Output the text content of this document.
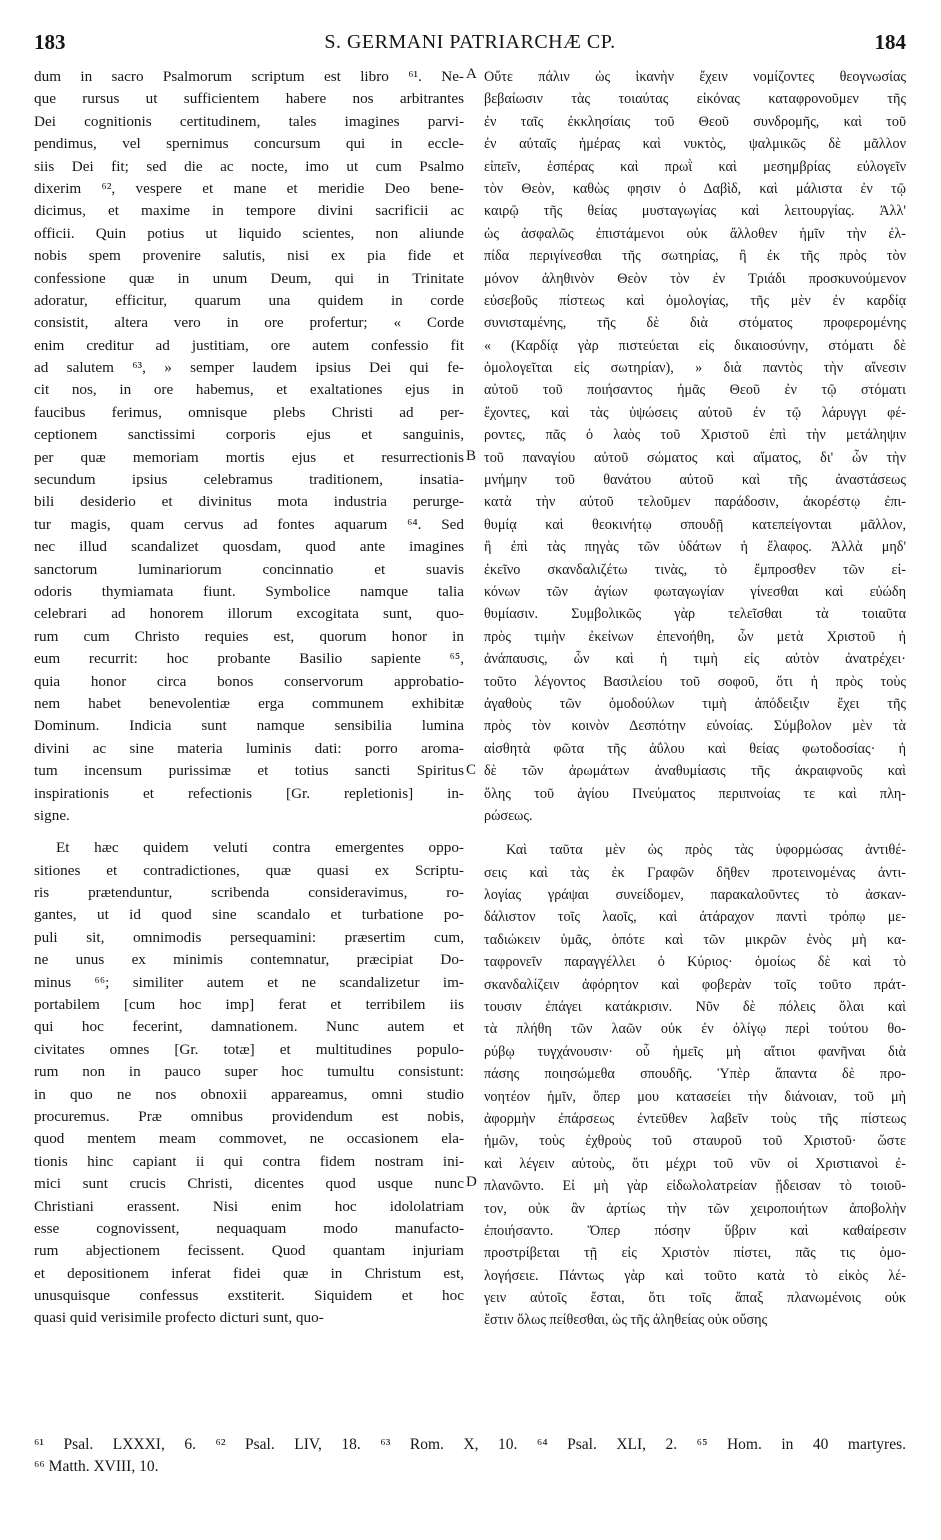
183	S. GERMANI PATRIARCHÆ CP.	184
dum in sacro Psalmorum scriptum est libro ⁶¹. Ne-
que rursus ut sufficientem habere nos arbitrantes
Dei cognitionis certitudinem, tales imagines parvi-
pendimus, vel spernimus concursum qui in eccle-
siis Dei fit; sed die ac nocte, imo ut cum Psalmo
dixerim ⁶², vespere et mane et meridie Deo bene-
dicimus, et maxime in tempore divini sacrificii ac
officii. Quin potius ut liquido scientes, non aliunde
nobis spem provenire salutis, nisi ex pia fide et
confessione quæ in unum Deum, qui in Trinitate
adoratur, efficitur, quarum una quidem in corde
consistit, altera vero in ore profertur; « Corde
enim creditur ad justitiam, ore autem confessio fit
ad salutem ⁶³, » semper laudem ipsius Dei qui fe-
cit nos, in ore habemus, et exaltationes ejus in
faucibus ferimus, omnisque plebs Christi ad per-
ceptionem sanctissimi corporis ejus et sanguinis,
per quæ memoriam mortis ejus et resurrectionis
secundum ipsius celebramus traditionem, insatia-
bili desiderio et divinitus mota industria perurge-
tur magis, quam cervus ad fontes aquarum ⁶⁴. Sed
nec illud scandalizet quosdam, quod ante imagines
sanctorum luminariorum concinnatio et suavis
odoris thymiamata fiunt. Symbolice namque talia
celebrari ad honorem illorum excogitata sunt, quo-
rum cum Christo requies est, quorum honor in
eum recurrit: hoc probante Basilio sapiente ⁶⁵,
quia honor circa bonos conservorum approbatio-
nem habet benevolentiæ erga communem exhibitæ
Dominum. Indicia sunt namque sensibilia lumina
divini ac sine materia luminis dati: porro aroma-
tum incensum purissimæ et totius sancti Spiritus
inspirationis et refectionis [Gr. repletionis] in-
signe.
Et hæc quidem veluti contra emergentes oppo-
sitiones et contradictiones, quæ quasi ex Scriptu-
ris prætenduntur, scribenda consideravimus, ro-
gantes, ut id quod sine scandalo et turbatione po-
puli sit, omnimodis persequamini: præsertim cum,
ne unus ex minimis contemnatur, præcipiat Do-
minus ⁶⁶; similiter autem et ne scandalizetur im-
portabilem [cum hoc imp] ferat et terribilem iis
qui hoc fecerint, damnationem. Nunc autem et
civitates omnes [Gr. totæ] et multitudines populo-
rum non in pauco super hoc tumultu consistunt:
in quo ne nos obnoxii appareamus, omni studio
procuremus. Præ omnibus providendum est nobis,
quod mentem meam commovet, ne occasionem ela-
tionis hinc capiant ii qui contra fidem nostram ini-
mici sunt crucis Christi, dicentes quod usque nunc
Christiani erassent. Nisi enim hoc idololatriam
esse cognovissent, nequaquam modo manufacto-
rum abjectionem fecissent. Quod quantam injuriam
et depositionem inferat fidei quæ in Christum est,
unusquisque confessus exstiterit. Siquidem et hoc
quasi quid verisimile profecto dicturi sunt, quo-
Οὔτε πάλιν ὡς ἱκανὴν ἔχειν νομίζοντες θεογνωσίας
βεβαίωσιν τὰς τοιαύτας εἰκόνας καταφρονοῦμεν τῆς
ἐν ταῖς ἐκκλησίαις τοῦ Θεοῦ συνδρομῆς, καὶ τοῦ
ἐν αὐταῖς ἡμέρας καὶ νυκτὸς, ψαλμικῶς δὲ μᾶλλον
εἰπεῖν, ἑσπέρας καὶ πρωῒ καὶ μεσημβρίας εὐλογεῖν
τὸν Θεὸν, καθὼς φησιν ὁ Δαβὶδ, καὶ μάλιστα ἐν τῷ
καιρῷ τῆς θείας μυσταγωγίας καὶ λειτουργίας. Ἀλλ'
ὡς ἀσφαλῶς ἐπιστάμενοι οὐκ ἄλλοθεν ἡμῖν τὴν ἐλ-
πίδα περιγίνεσθαι τῆς σωτηρίας, ἢ ἐκ τῆς πρὸς τὸν
μόνον ἀληθινὸν Θεὸν τὸν ἐν Τριάδι προσκυνούμενον
εὐσεβοῦς πίστεως καὶ ὁμολογίας, τῆς μὲν ἐν καρδίᾳ
συνισταμένης, τῆς δὲ διὰ στόματος προφερομένης
« (Καρδίᾳ γὰρ πιστεύεται εἰς δικαιοσύνην, στόματι δὲ
ὁμολογεῖται εἰς σωτηρίαν), » διὰ παντὸς τὴν αἴνεσιν
αὐτοῦ τοῦ ποιήσαντος ἡμᾶς Θεοῦ ἐν τῷ στόματι
ἔχοντες, καὶ τὰς ὑψώσεις αὐτοῦ ἐν τῷ λάρυγγι φέ-
ροντες, πᾶς ὁ λαὸς τοῦ Χριστοῦ ἐπὶ τὴν μετάληψιν
τοῦ παναγίου αὐτοῦ σώματος καὶ αἵματος, δι' ὧν τὴν
μνήμην τοῦ θανάτου αὐτοῦ καὶ τῆς ἀναστάσεως
κατὰ τὴν αὐτοῦ τελοῦμεν παράδοσιν, ἀκορέστῳ ἐπι-
θυμίᾳ καὶ θεοκινήτῳ σπουδῇ κατεπείγονται μᾶλλον,
ἢ ἐπὶ τὰς πηγὰς τῶν ὑδάτων ἡ ἔλαφος. Ἀλλὰ μηδ'
ἐκεῖνο σκανδαλιζέτω τινὰς, τὸ ἔμπροσθεν τῶν εἰ-
κόνων τῶν ἁγίων φωταγωγίαν γίνεσθαι καὶ εὐώδη
θυμίασιν. Συμβολικῶς γὰρ τελεῖσθαι τὰ τοιαῦτα
πρὸς τιμὴν ἐκείνων ἐπενοήθη, ὧν μετὰ Χριστοῦ ἡ
ἀνάπαυσις, ὧν καὶ ἡ τιμὴ εἰς αὐτὸν ἀνατρέχει·
τοῦτο λέγοντος Βασιλείου τοῦ σοφοῦ, ὅτι ἡ πρὸς τοὺς
ἀγαθοὺς τῶν ὁμοδούλων τιμὴ ἀπόδειξιν ἔχει τῆς
πρὸς τὸν κοινὸν Δεσπότην εὐνοίας. Σύμβολον μὲν τὰ
αἰσθητὰ φῶτα τῆς ἀΰλου καὶ θείας φωτοδοσίας· ἡ
δὲ τῶν ἀρωμάτων ἀναθυμίασις τῆς ἀκραιφνοῦς καὶ
ὅλης τοῦ ἁγίου Πνεύματος περιπνοίας τε καὶ πλη-
ρώσεως.
Καὶ ταῦτα μὲν ὡς πρὸς τὰς ὑφορμώσας ἀντιθέ-
σεις καὶ τὰς ἐκ Γραφῶν δῆθεν προτεινομένας ἀντι-
λογίας γράψαι συνείδομεν, παρακαλοῦντες τὸ ἀσκαν-
δάλιστον τοῖς λαοῖς, καὶ ἀτάραχον παντὶ τρόπῳ με-
ταδιώκειν ὑμᾶς, ὁπότε καὶ τῶν μικρῶν ἑνὸς μὴ κα-
ταφρονεῖν παραγγέλλει ὁ Κύριος· ὁμοίως δὲ καὶ τὸ
σκανδαλίζειν ἀφόρητον καὶ φοβερὰν τοῖς τοῦτο πράτ-
τουσιν ἐπάγει κατάκρισιν. Νῦν δὲ πόλεις ὅλαι καὶ
τὰ πλήθη τῶν λαῶν οὐκ ἐν ὀλίγῳ περὶ τούτου θο-
ρύβῳ τυγχάνουσιν· οὗ ἡμεῖς μὴ αἴτιοι φανῆναι διὰ
πάσης ποιησώμεθα σπουδῆς. Ὑπὲρ ἅπαντα δὲ προ-
νοητέον ἡμῖν, ὅπερ μου κατασείει τὴν διάνοιαν, τοῦ μὴ
ἀφορμὴν ἐπάρσεως ἐντεῦθεν λαβεῖν τοὺς τῆς πίστεως
ἡμῶν, τοὺς ἐχθροὺς τοῦ σταυροῦ τοῦ Χριστοῦ· ὥστε
καὶ λέγειν αὐτοὺς, ὅτι μέχρι τοῦ νῦν οἱ Χριστιανοὶ ἐ-
πλανῶντο. Εἰ μὴ γὰρ εἰδωλολατρείαν ᾔδεισαν τὸ τοιοῦ-
τον, οὐκ ἂν ἀρτίως τὴν τῶν χειροποιήτων ἀποβολὴν
ἐποιήσαντο. Ὅπερ πόσην ὕβριν καὶ καθαίρεσιν
προστρίβεται τῇ εἰς Χριστὸν πίστει, πᾶς τις ὁμο-
λογήσειε. Πάντως γὰρ καὶ τοῦτο κατὰ τὸ εἰκὸς λέ-
γειν αὐτοῖς ἔσται, ὅτι τοῖς ἅπαξ πλανωμένοις οὐκ
ἔστιν ὅλως πείθεσθαι, ὡς τῆς ἀληθείας οὐκ οὔσης
A
B
C
D
⁶¹ Psal. LXXXI, 6. ⁶² Psal. LIV, 18. ⁶³ Rom. X, 10. ⁶⁴ Psal. XLI, 2. ⁶⁵ Hom. in 40 martyres.
⁶⁶ Matth. XVIII, 10.
